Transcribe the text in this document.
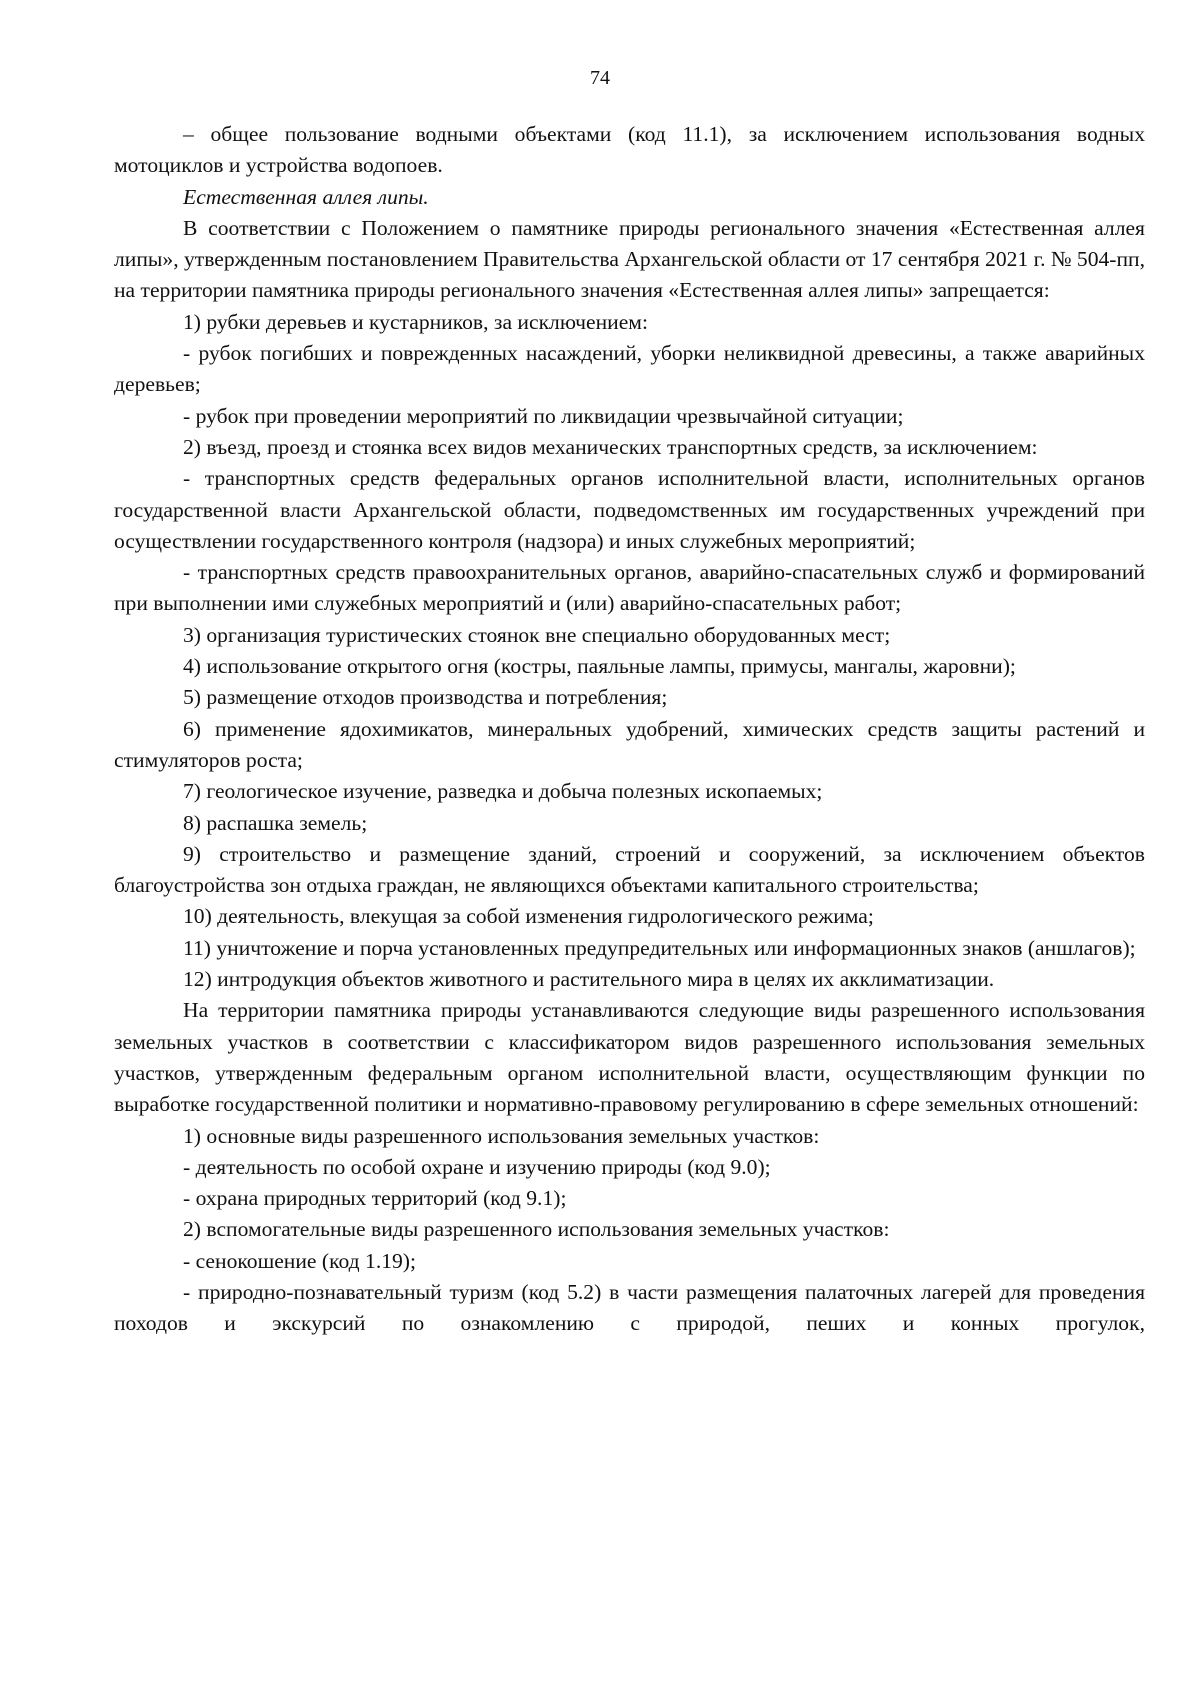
74

– общее пользование водными объектами (код 11.1), за исключением использования водных мотоциклов и устройства водопоев.

Естественная аллея липы.

В соответствии с Положением о памятнике природы регионального значения «Естественная аллея липы», утвержденным постановлением Правительства Архангельской области от 17 сентября 2021 г. № 504-пп, на территории памятника природы регионального значения «Естественная аллея липы» запрещается:

1) рубки деревьев и кустарников, за исключением:

- рубок погибших и поврежденных насаждений, уборки неликвидной древесины, а также аварийных деревьев;

- рубок при проведении мероприятий по ликвидации чрезвычайной ситуации;

2) въезд, проезд и стоянка всех видов механических транспортных средств, за исключением:

- транспортных средств федеральных органов исполнительной власти, исполнительных органов государственной власти Архангельской области, подведомственных им государственных учреждений при осуществлении государственного контроля (надзора) и иных служебных мероприятий;

- транспортных средств правоохранительных органов, аварийно-спасательных служб и формирований при выполнении ими служебных мероприятий и (или) аварийно-спасательных работ;

3) организация туристических стоянок вне специально оборудованных мест;

4) использование открытого огня (костры, паяльные лампы, примусы, мангалы, жаровни);

5) размещение отходов производства и потребления;

6) применение ядохимикатов, минеральных удобрений, химических средств защиты растений и стимуляторов роста;

7) геологическое изучение, разведка и добыча полезных ископаемых;

8) распашка земель;

9) строительство и размещение зданий, строений и сооружений, за исключением объектов благоустройства зон отдыха граждан, не являющихся объектами капитального строительства;

10) деятельность, влекущая за собой изменения гидрологического режима;

11) уничтожение и порча установленных предупредительных или информационных знаков (аншлагов);

12) интродукция объектов животного и растительного мира в целях их акклиматизации.

На территории памятника природы устанавливаются следующие виды разрешенного использования земельных участков в соответствии с классификатором видов разрешенного использования земельных участков, утвержденным федеральным органом исполнительной власти, осуществляющим функции по выработке государственной политики и нормативно-правовому регулированию в сфере земельных отношений:

1) основные виды разрешенного использования земельных участков:

- деятельность по особой охране и изучению природы (код 9.0);

- охрана природных территорий (код 9.1);

2) вспомогательные виды разрешенного использования земельных участков:

- сенокошение (код 1.19);

- природно-познавательный туризм (код 5.2) в части размещения палаточных лагерей для проведения походов и экскурсий по ознакомлению с природой, пеших и конных прогулок,
